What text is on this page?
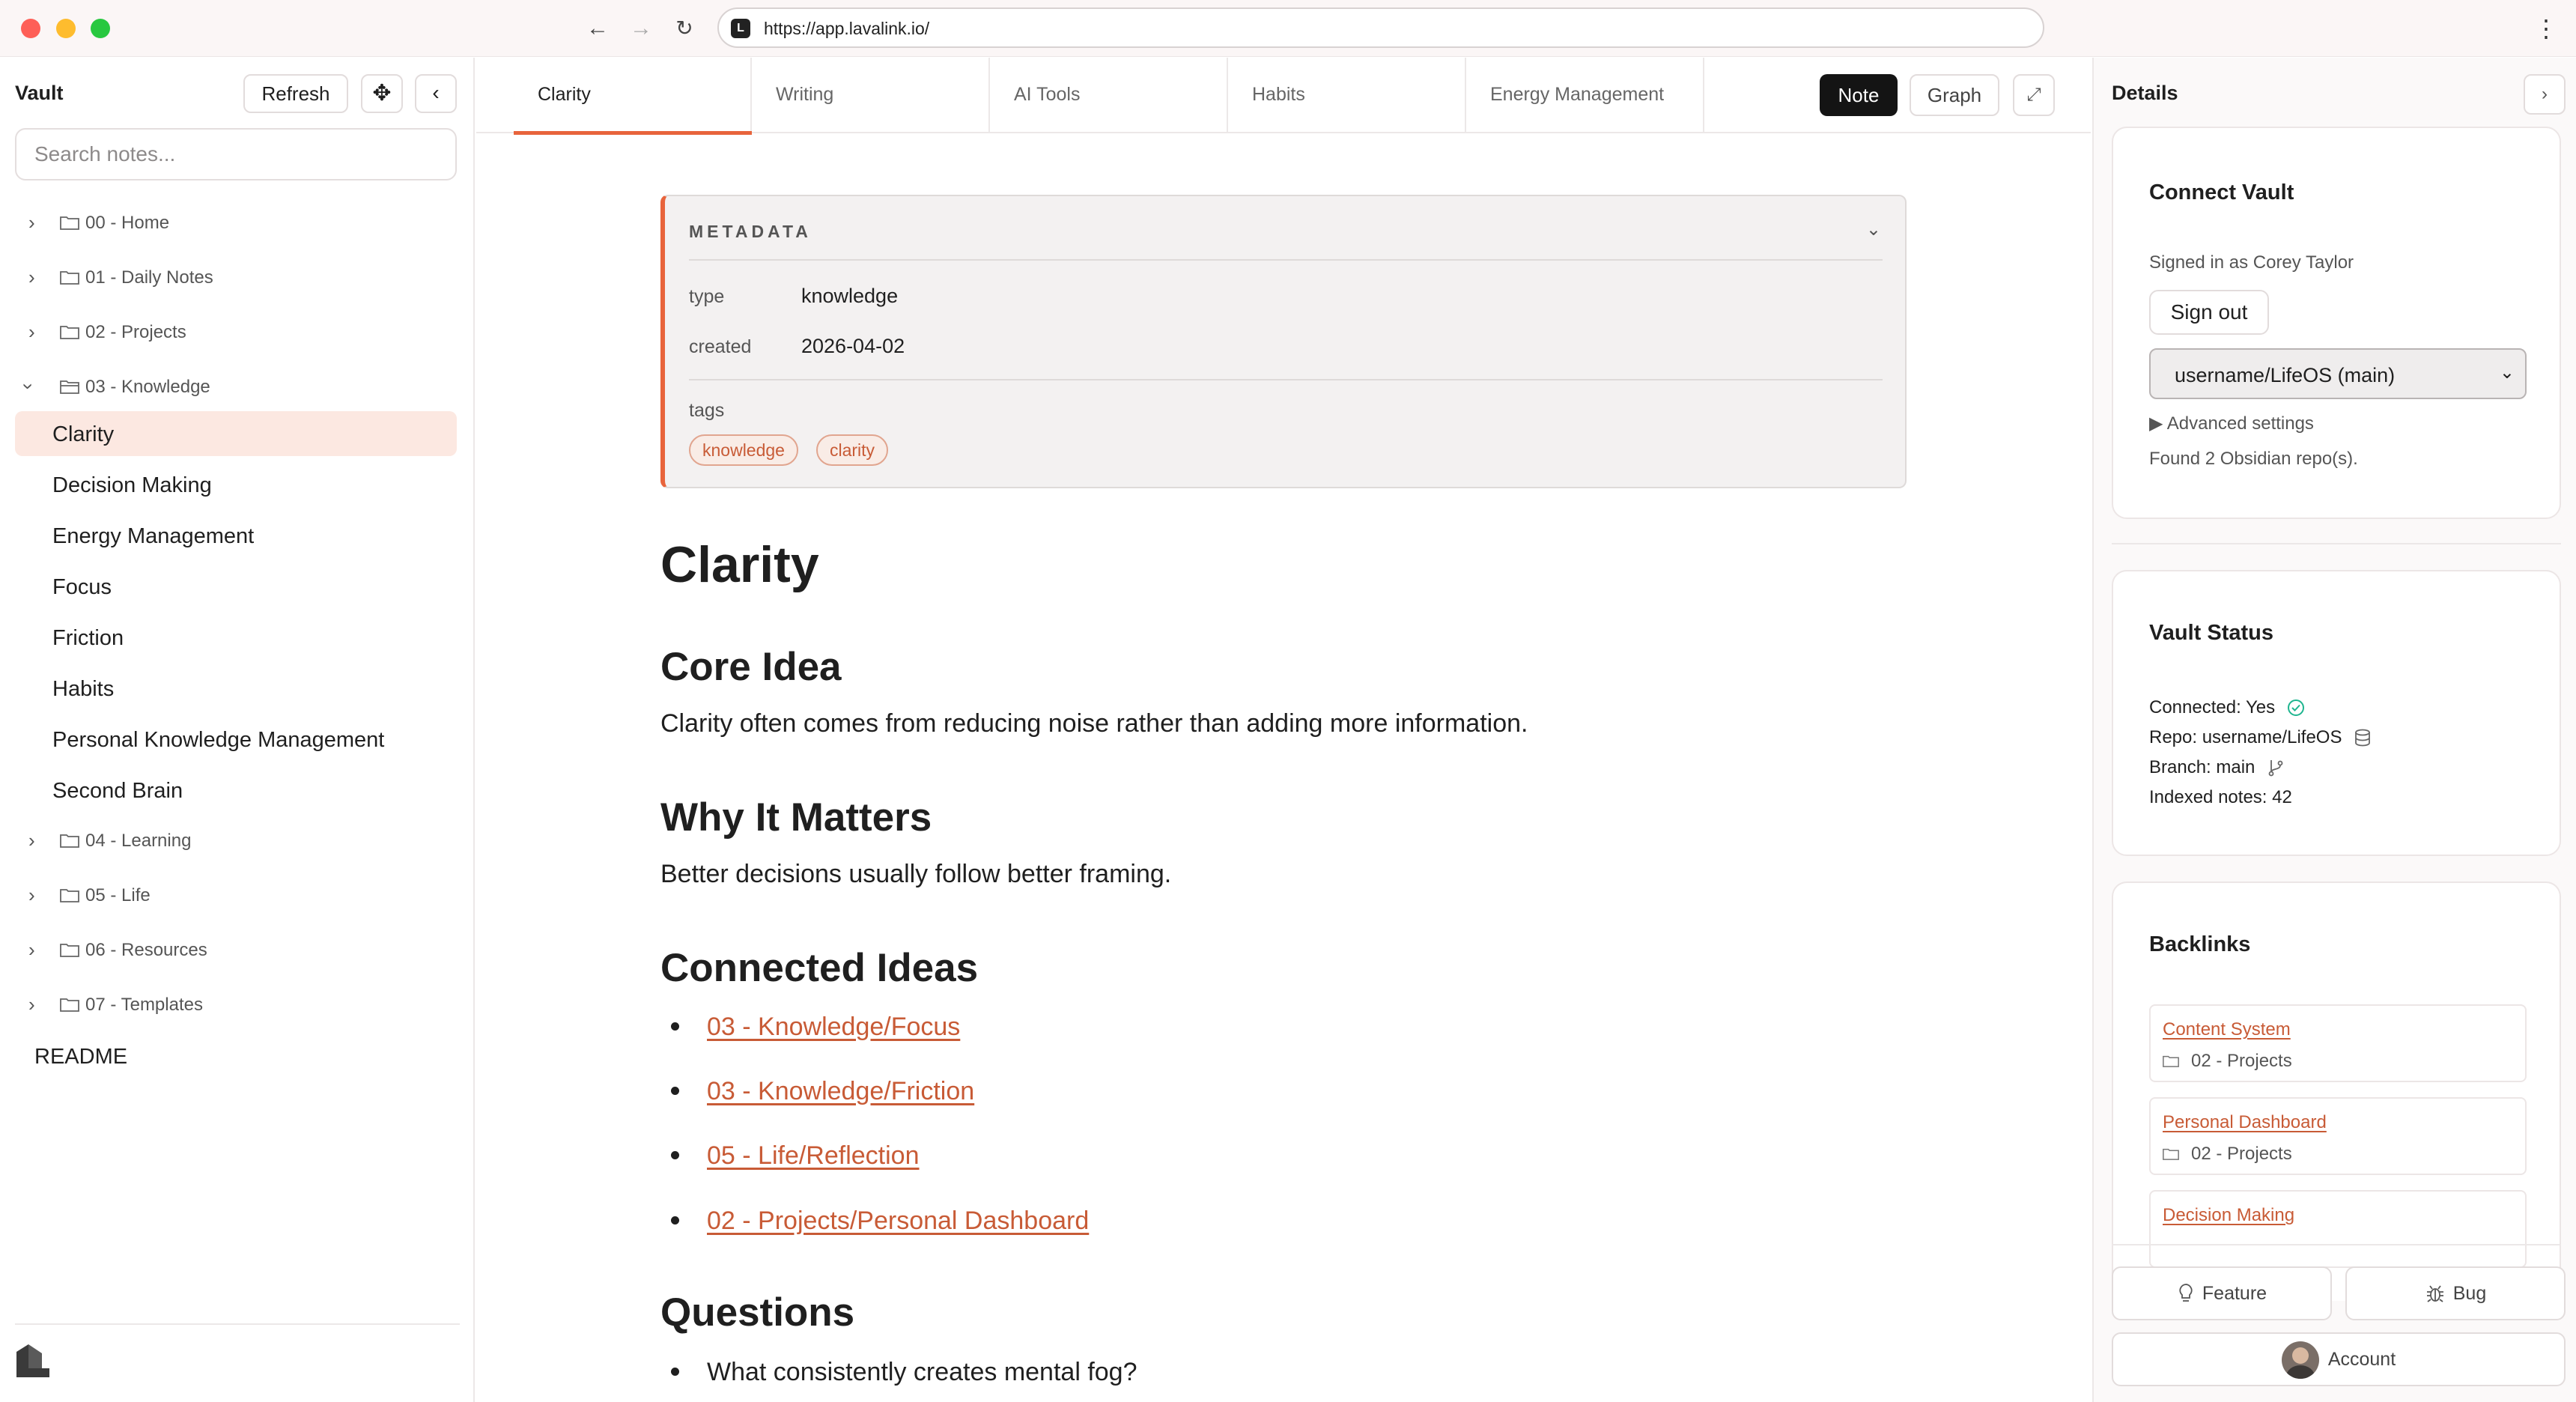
← → ↻	L	https://app.lavalink.io/	⋮
Vault	Refresh	✥	‹
Search notes...
›	00 - Home
›	01 - Daily Notes
›	02 - Projects
›	03 - Knowledge
Clarity
Decision Making
Energy Management
Focus
Friction
Habits
Personal Knowledge Management
Second Brain
›	04 - Learning
›	05 - Life
›	06 - Resources
›	07 - Templates
README
Clarity	Writing	AI Tools	Habits	Energy Management	Note	Graph	⤢
METADATA	⌄
type	knowledge
created 2026-04-02
tags
knowledge	clarity
Clarity
Core Idea
Clarity often comes from reducing noise rather than adding more information.
Why It Matters
Better decisions usually follow better framing.
Connected Ideas
03 - Knowledge/Focus
03 - Knowledge/Friction
05 - Life/Reflection
02 - Projects/Personal Dashboard
Questions
What consistently creates mental fog?
Details	›
Connect Vault
Signed in as Corey Taylor
Sign out
username/LifeOS (main)	⌄
▶ Advanced settings
Found 2 Obsidian repo(s).
Vault Status
Connected: Yes
Repo: username/LifeOS
Branch: main
Indexed notes: 42
Backlinks
Content System
02 - Projects
Personal Dashboard
02 - Projects
Decision Making
Feature	Bug
Account
